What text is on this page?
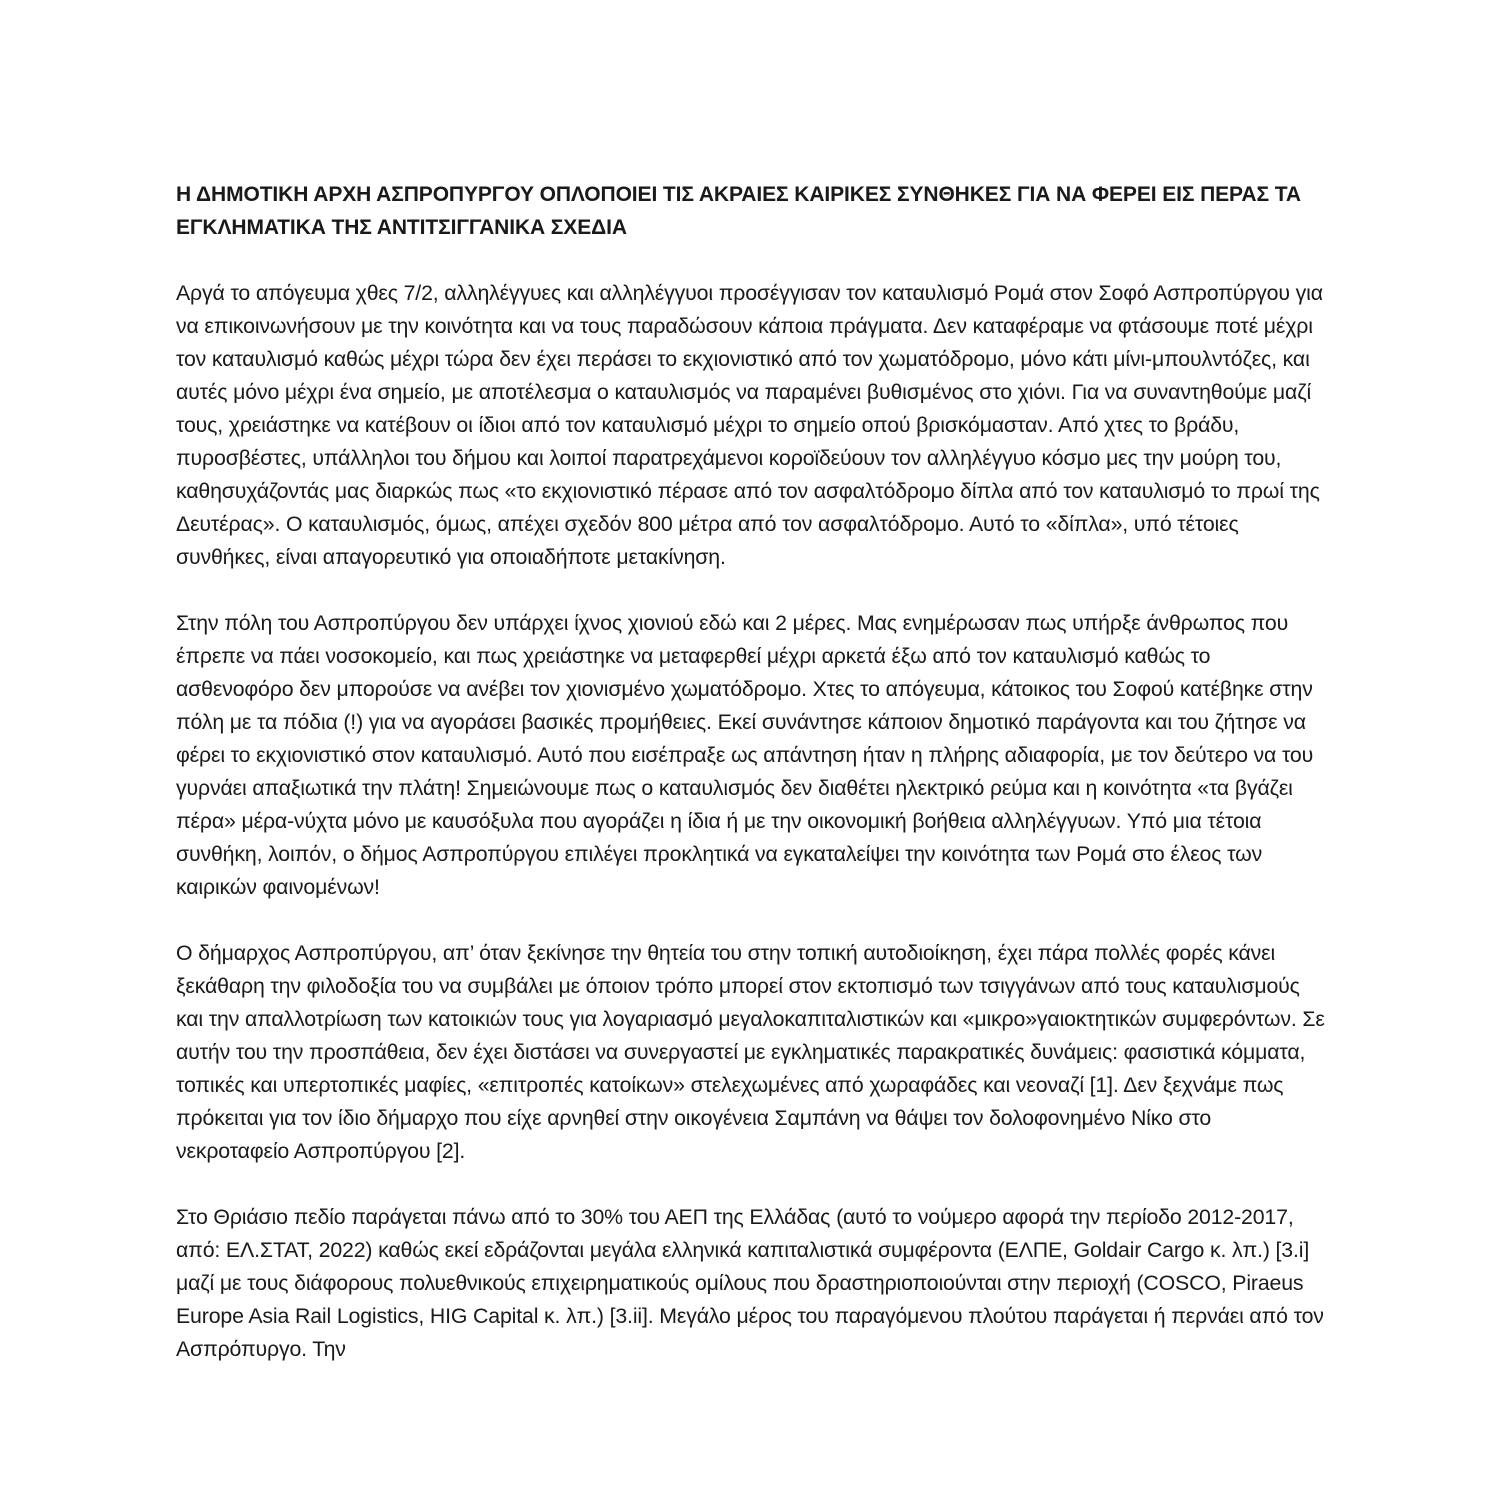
Η ΔΗΜΟΤΙΚΗ ΑΡΧΗ ΑΣΠΡΟΠΥΡΓΟΥ ΟΠΛΟΠΟΙΕΙ ΤΙΣ ΑΚΡΑΙΕΣ ΚΑΙΡΙΚΕΣ ΣΥΝΘΗΚΕΣ ΓΙΑ ΝΑ ΦΕΡΕΙ ΕΙΣ ΠΕΡΑΣ ΤΑ ΕΓΚΛΗΜΑΤΙΚΑ ΤΗΣ ΑΝΤΙΤΣΙΓΓΑΝΙΚΑ ΣΧΕΔΙΑ

Αργά το απόγευμα χθες 7/2, αλληλέγγυες και αλληλέγγυοι προσέγγισαν τον καταυλισμό Ρομά στον Σοφό Ασπροπύργου για να επικοινωνήσουν με την κοινότητα και να τους παραδώσουν κάποια πράγματα. Δεν καταφέραμε να φτάσουμε ποτέ μέχρι τον καταυλισμό καθώς μέχρι τώρα δεν έχει περάσει το εκχιονιστικό από τον χωματόδρομο, μόνο κάτι μίνι-μπουλντόζες, και αυτές μόνο μέχρι ένα σημείο, με αποτέλεσμα ο καταυλισμός να παραμένει βυθισμένος στο χιόνι. Για να συναντηθούμε μαζί τους, χρειάστηκε να κατέβουν οι ίδιοι από τον καταυλισμό μέχρι το σημείο οπού βρισκόμασταν. Από χτες το βράδυ, πυροσβέστες, υπάλληλοι του δήμου και λοιποί παρατρεχάμενοι κοροϊδεύουν τον αλληλέγγυο κόσμο μες την μούρη του, καθησυχάζοντάς μας διαρκώς πως «το εκχιονιστικό πέρασε από τον ασφαλτόδρομο δίπλα από τον καταυλισμό το πρωί της Δευτέρας». Ο καταυλισμός, όμως, απέχει σχεδόν 800 μέτρα από τον ασφαλτόδρομο. Αυτό το «δίπλα», υπό τέτοιες συνθήκες, είναι απαγορευτικό για οποιαδήποτε μετακίνηση.

Στην πόλη του Ασπροπύργου δεν υπάρχει ίχνος χιονιού εδώ και 2 μέρες. Μας ενημέρωσαν πως υπήρξε άνθρωπος που έπρεπε να πάει νοσοκομείο, και πως χρειάστηκε να μεταφερθεί μέχρι αρκετά έξω από τον καταυλισμό καθώς το ασθενοφόρο δεν μπορούσε να ανέβει τον χιονισμένο χωματόδρομο. Χτες το απόγευμα, κάτοικος του Σοφού κατέβηκε στην πόλη με τα πόδια (!) για να αγοράσει βασικές προμήθειες. Εκεί συνάντησε κάποιον δημοτικό παράγοντα και του ζήτησε να φέρει το εκχιονιστικό στον καταυλισμό. Αυτό που εισέπραξε ως απάντηση ήταν η πλήρης αδιαφορία, με τον δεύτερο να του γυρνάει απαξιωτικά την πλάτη! Σημειώνουμε πως ο καταυλισμός δεν διαθέτει ηλεκτρικό ρεύμα και η κοινότητα «τα βγάζει πέρα» μέρα-νύχτα μόνο με καυσόξυλα που αγοράζει η ίδια ή με την οικονομική βοήθεια αλληλέγγυων. Υπό μια τέτοια συνθήκη, λοιπόν, ο δήμος Ασπροπύργου επιλέγει προκλητικά να εγκαταλείψει την κοινότητα των Ρομά στο έλεος των καιρικών φαινομένων!

Ο δήμαρχος Ασπροπύργου, απ’ όταν ξεκίνησε την θητεία του στην τοπική αυτοδιοίκηση, έχει πάρα πολλές φορές κάνει ξεκάθαρη την φιλοδοξία του να συμβάλει με όποιον τρόπο μπορεί στον εκτοπισμό των τσιγγάνων από τους καταυλισμούς και την απαλλοτρίωση των κατοικιών τους για λογαριασμό μεγαλοκαπιταλιστικών και «μικρο»γαιοκτητικών συμφερόντων. Σε αυτήν του την προσπάθεια, δεν έχει διστάσει να συνεργαστεί με εγκληματικές παρακρατικές δυνάμεις: φασιστικά κόμματα, τοπικές και υπερτοπικές μαφίες, «επιτροπές κατοίκων» στελεχωμένες από χωραφάδες και νεοναζί [1]. Δεν ξεχνάμε πως πρόκειται για τον ίδιο δήμαρχο που είχε αρνηθεί στην οικογένεια Σαμπάνη να θάψει τον δολοφονημένο Νίκο στο νεκροταφείο Ασπροπύργου [2].

Στο Θριάσιο πεδίο παράγεται πάνω από το 30% του ΑΕΠ της Ελλάδας (αυτό το νούμερο αφορά την περίοδο 2012-2017, από: ΕΛ.ΣΤΑΤ, 2022) καθώς εκεί εδράζονται μεγάλα ελληνικά καπιταλιστικά συμφέροντα (ΕΛΠΕ, Goldair Cargo κ. λπ.) [3.i] μαζί με τους διάφορους πολυεθνικούς επιχειρηματικούς ομίλους που δραστηριοποιούνται στην περιοχή (COSCO, Piraeus Europe Asia Rail Logistics, HIG Capital κ. λπ.) [3.ii]. Μεγάλο μέρος του παραγόμενου πλούτου παράγεται ή περνάει από τον Ασπρόπυργο. Την
